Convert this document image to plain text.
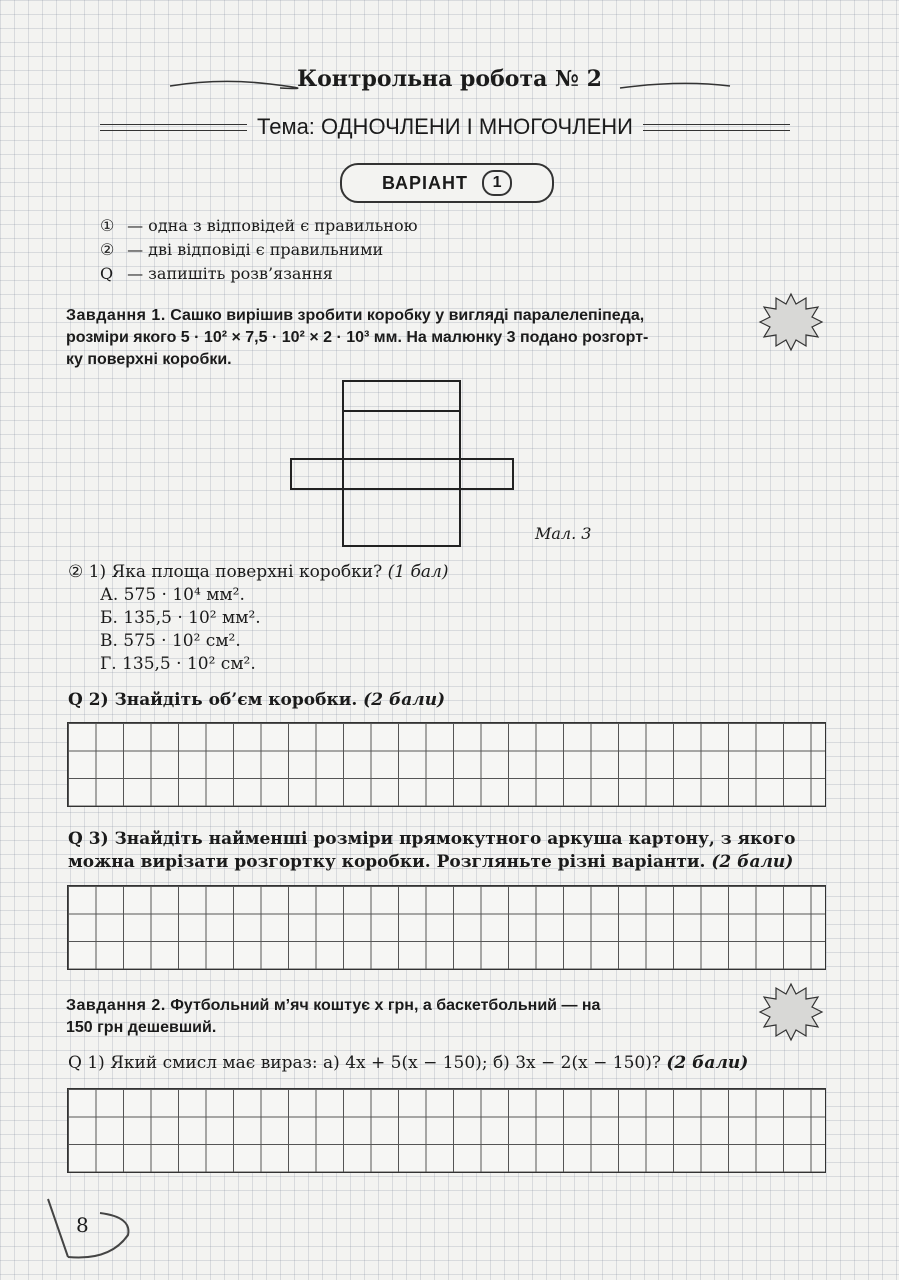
Контрольна робота № 2
Тема: ОДНОЧЛЕНИ І МНОГОЧЛЕНИ
ВАРІАНТ	1
① — одна з відповідей є правильною
② — дві відповіді є правильними
Q — запишіть розв’язання
Завдання 1. Сашко вирішив зробити коробку у вигляді паралелепіпеда,
розміри якого 5 · 10² × 7,5 · 10² × 2 · 10³ мм. На малюнку 3 подано розгорт-
ку поверхні коробки.
Мал. 3
② 1) Яка площа поверхні коробки? (1 бал)
А. 575 · 10⁴ мм².
Б. 135,5 · 10² мм².
В. 575 · 10² см².
Г. 135,5 · 10² см².
Q 2) Знайдіть об’єм коробки. (2 бали)
Q 3) Знайдіть найменші розміри прямокутного аркуша картону, з якого
можна вирізати розгортку коробки. Розгляньте різні варіанти. (2 бали)
Завдання 2. Футбольний м’яч коштує x грн, а баскетбольний — на
150 грн дешевший.
Q 1) Який смисл має вираз: а) 4x + 5(x − 150); б) 3x − 2(x − 150)? (2 бали)
8
